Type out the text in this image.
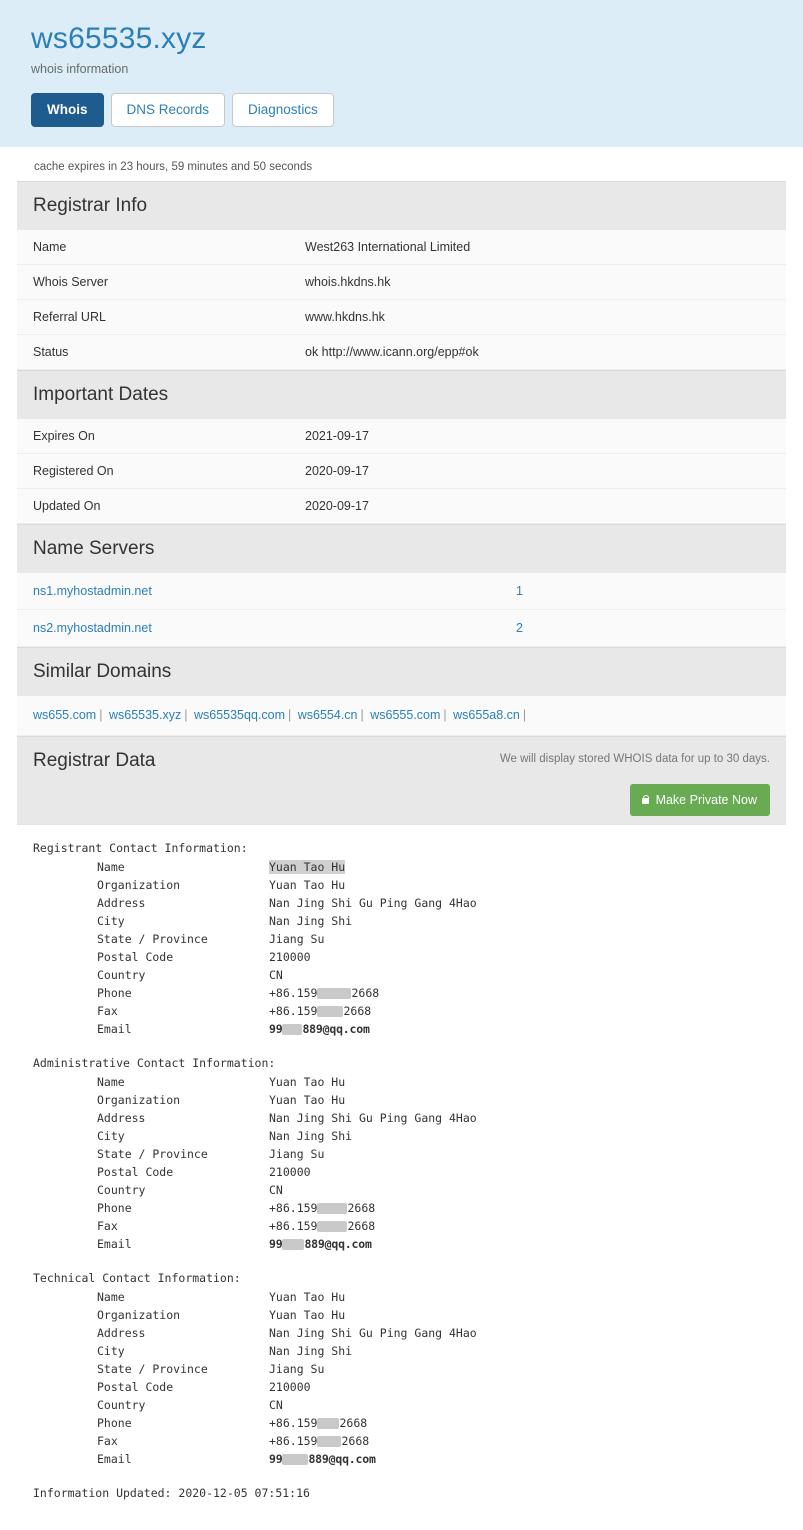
ws65535.xyz
whois information
Whois	DNS Records	Diagnostics
cache expires in 23 hours, 59 minutes and 50 seconds
Registrar Info
Name	West263 International Limited
Whois Server	whois.hkdns.hk
Referral URL	www.hkdns.hk
Status	ok http://www.icann.org/epp#ok
Important Dates
Expires On	2021-09-17
Registered On	2020-09-17
Updated On	2020-09-17
Name Servers
ns1.myhostadmin.net	1
ns2.myhostadmin.net	2
Similar Domains
ws655.com | ws65535.xyz | ws65535qq.com | ws6554.cn | ws6555.com | ws655a8.cn |
Registrar Data	We will display stored WHOIS data for up to 30 days.
Make Private Now
Registrant Contact Information:
Name	Yuan Tao Hu
Organization	Yuan Tao Hu
Address	Nan Jing Shi Gu Ping Gang 4Hao
City	Nan Jing Shi
State / Province	Jiang Su
Postal Code	210000
Country	CN
Phone	+86.159	2668
Fax	+86.159 2668
Email	99 889@qq.com
Administrative Contact Information:
Name	Yuan Tao Hu
Organization	Yuan Tao Hu
Address	Nan Jing Shi Gu Ping Gang 4Hao
City	Nan Jing Shi
State / Province	Jiang Su
Postal Code	210000
Country	CN
Phone	+86.159	2668
Fax	+86.159	2668
Email	99 889@qq.com
Technical Contact Information:
Name	Yuan Tao Hu
Organization	Yuan Tao Hu
Address	Nan Jing Shi Gu Ping Gang 4Hao
City	Nan Jing Shi
State / Province	Jiang Su
Postal Code	210000
Country	CN
Phone	+86.159 2668
Fax	+86.159 2668
Email	99 889@qq.com
Information Updated: 2020-12-05 07:51:16
